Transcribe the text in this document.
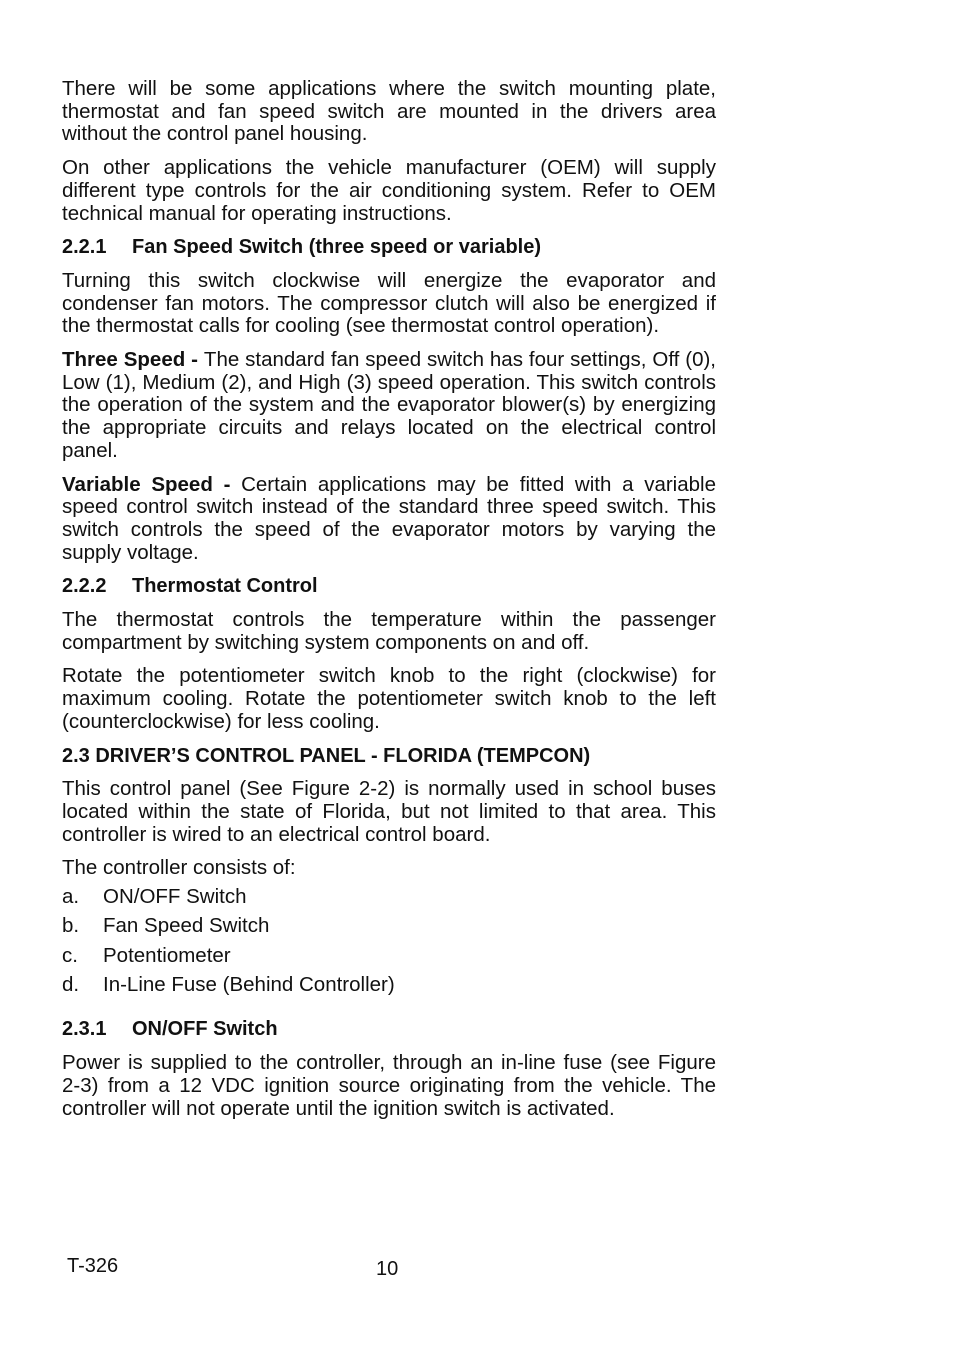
There will be some applications where the switch mounting plate, thermostat and fan speed switch are mounted in the drivers area without the control panel housing.

On other applications the vehicle manufacturer (OEM) will supply different type controls for the air conditioning system. Refer to OEM technical manual for operating instructions.

2.2.1 Fan Speed Switch (three speed or variable)

Turning this switch clockwise will energize the evaporator and condenser fan motors. The compressor clutch will also be energized if the thermostat calls for cooling (see thermostat control operation).

Three Speed - The standard fan speed switch has four settings, Off (0), Low (1), Medium (2), and High (3) speed operation. This switch controls the operation of the system and the evaporator blower(s) by energizing the appropriate circuits and relays located on the electrical control panel.

Variable Speed - Certain applications may be fitted with a variable speed control switch instead of the standard three speed switch. This switch controls the speed of the evaporator motors by varying the supply voltage.

2.2.2 Thermostat Control

The thermostat controls the temperature within the passenger compartment by switching system components on and off.

Rotate the potentiometer switch knob to the right (clockwise) for maximum cooling. Rotate the potentiometer switch knob to the left (counterclockwise) for less cooling.

2.3 DRIVER’S CONTROL PANEL - FLORIDA (TEMPCON)

This control panel (See Figure 2-2) is normally used in school buses located within the state of Florida, but not limited to that area. This controller is wired to an electrical control board.

The controller consists of:

a.	ON/OFF Switch
b.	Fan Speed Switch
c.	Potentiometer
d.	In-Line Fuse (Behind Controller)
2.3.1 ON/OFF Switch

Power is supplied to the controller, through an in-line fuse (see Figure 2-3) from a 12 VDC ignition source originating from the vehicle. The controller will not operate until the ignition switch is activated.

T-326	10
